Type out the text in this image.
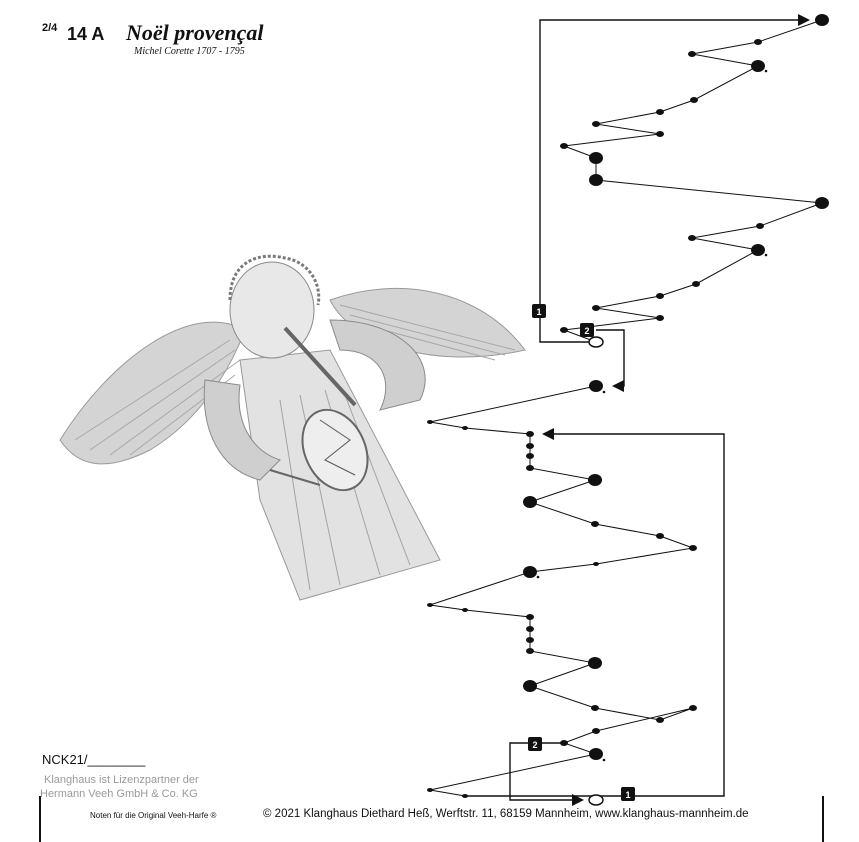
2/4 14 A Noël provençal
Michel Corette 1707 - 1795
1
2
2
1
NCK21/________
Klanghaus ist Lizenzpartner der
Hermann Veeh GmbH & Co. KG
Noten für die Original Veeh-Harfe ®	© 2021 Klanghaus Diethard Heß, Werftstr. 11, 68159 Mannheim, www.klanghaus-mannheim.de
